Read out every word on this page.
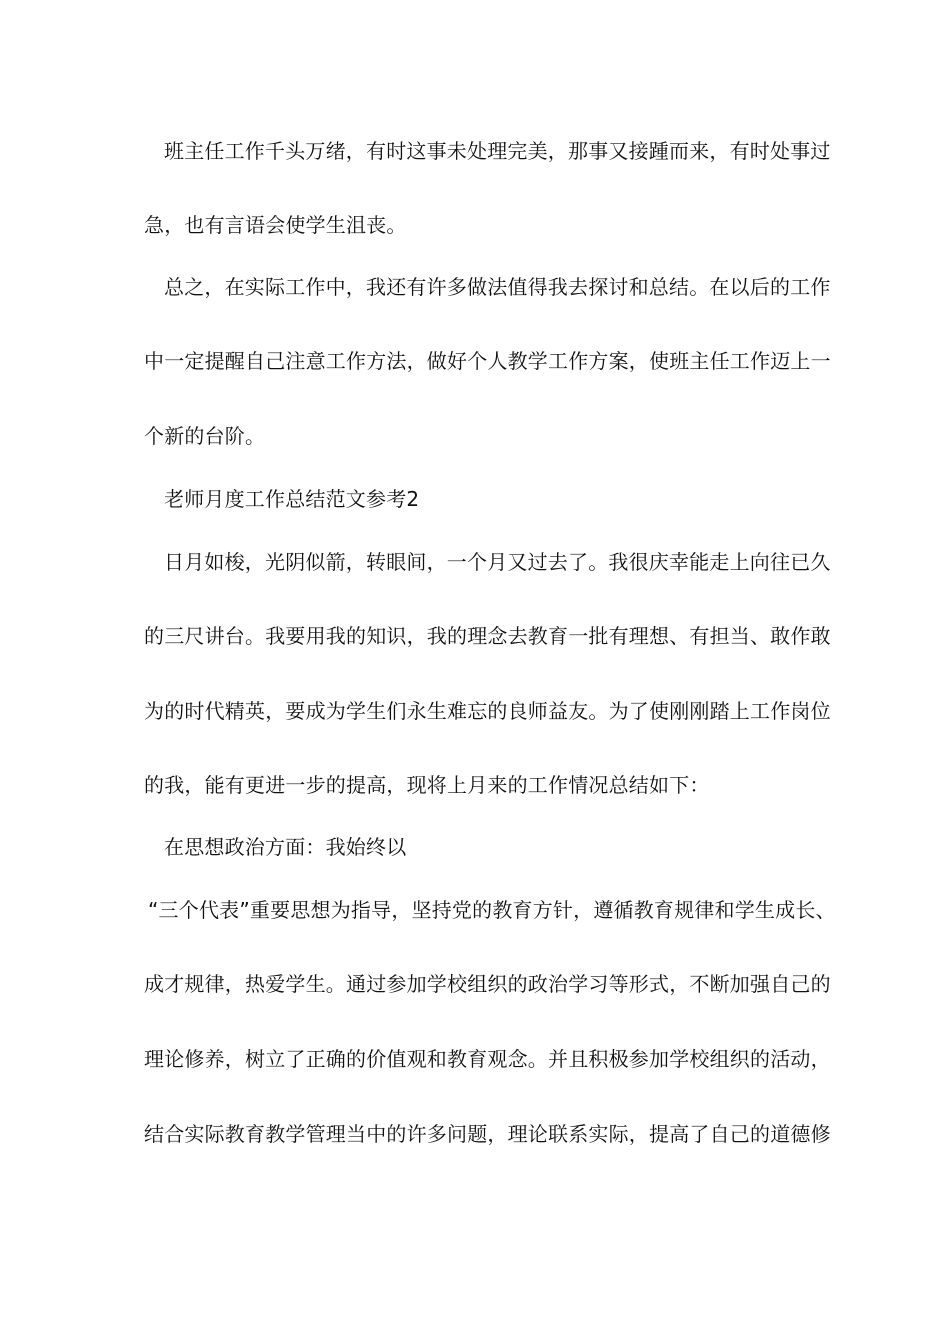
班主任工作千头万绪，有时这事未处理完美，那事又接踵而来，有时处事过
急，也有言语会使学生沮丧。
总之，在实际工作中，我还有许多做法值得我去探讨和总结。在以后的工作
中一定提醒自己注意工作方法，做好个人教学工作方案，使班主任工作迈上一
个新的台阶。
老师月度工作总结范文参考2
日月如梭，光阴似箭，转眼间，一个月又过去了。我很庆幸能走上向往已久
的三尺讲台。我要用我的知识，我的理念去教育一批有理想、有担当、敢作敢
为的时代精英，要成为学生们永生难忘的良师益友。为了使刚刚踏上工作岗位
的我，能有更进一步的提高，现将上月来的工作情况总结如下：
在思想政治方面：我始终以
“三个代表”重要思想为指导，坚持党的教育方针，遵循教育规律和学生成长、
成才规律，热爱学生。通过参加学校组织的政治学习等形式，不断加强自己的
理论修养，树立了正确的价值观和教育观念。并且积极参加学校组织的活动，
结合实际教育教学管理当中的许多问题，理论联系实际，提高了自己的道德修
